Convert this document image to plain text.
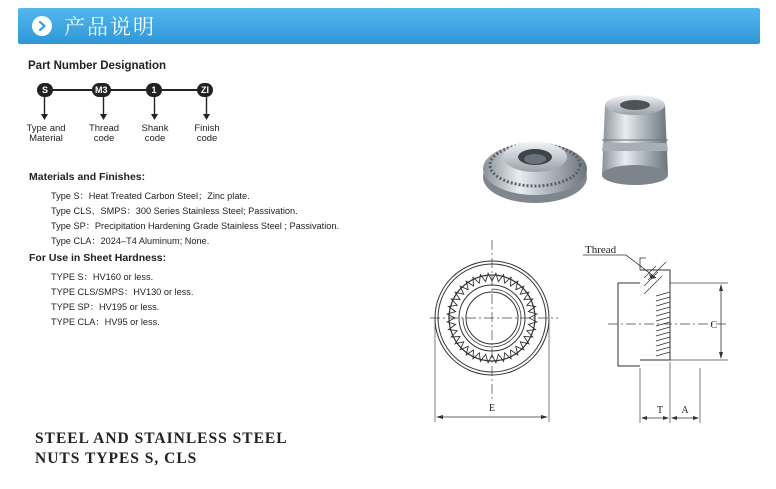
产品说明
Part Number Designation
S	M3	1	ZI
Type and
Material
Thread
code
Shank
code
Finish
code
Materials and Finishes:
Type S：Heat Treated Carbon Steel；Zinc plate.
Type CLS、SMPS：300 Series Stainless Steel; Passivation.
Type SP：Precipitation Hardening Grade Stainless Steel ; Passivation.
Type CLA：2024–T4 Aluminum; None.
For Use in Sheet Hardness:
TYPE S：HV160 or less.
TYPE CLS/SMPS：HV130 or less.
TYPE SP：HV195 or less.
TYPE CLA：HV95 or less.
E
Thread
C
T A
STEEL AND STAINLESS STEEL
NUTS TYPES S, CLS
